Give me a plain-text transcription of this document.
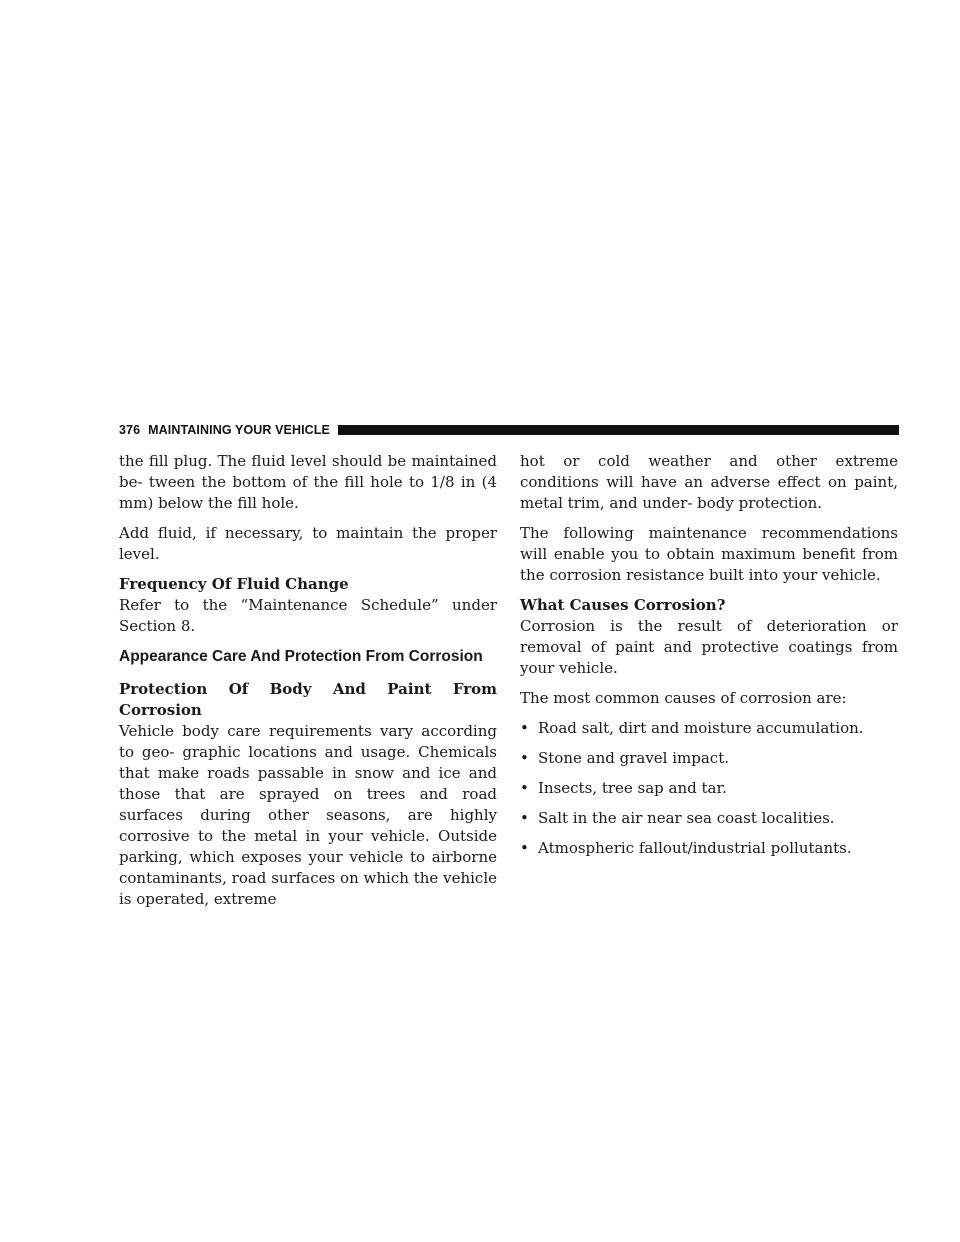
376 MAINTAINING YOUR VEHICLE

the fill plug. The fluid level should be maintained be- tween the bottom of the fill hole to 1/8 in (4 mm) below the fill hole.

Add fluid, if necessary, to maintain the proper level.

Frequency Of Fluid Change

Refer to the “Maintenance Schedule” under Section 8.

Appearance Care And Protection From Corrosion

Protection Of Body And Paint From Corrosion

Vehicle body care requirements vary according to geo- graphic locations and usage. Chemicals that make roads passable in snow and ice and those that are sprayed on trees and road surfaces during other seasons, are highly corrosive to the metal in your vehicle. Outside parking, which exposes your vehicle to airborne contaminants, road surfaces on which the vehicle is operated, extreme

hot or cold weather and other extreme conditions will have an adverse effect on paint, metal trim, and under- body protection.

The following maintenance recommendations will enable you to obtain maximum benefit from the corrosion resistance built into your vehicle.

What Causes Corrosion?

Corrosion is the result of deterioration or removal of paint and protective coatings from your vehicle.

The most common causes of corrosion are:

• Road salt, dirt and moisture accumulation.
• Stone and gravel impact.
• Insects, tree sap and tar.
• Salt in the air near sea coast localities.
• Atmospheric fallout/industrial pollutants.
